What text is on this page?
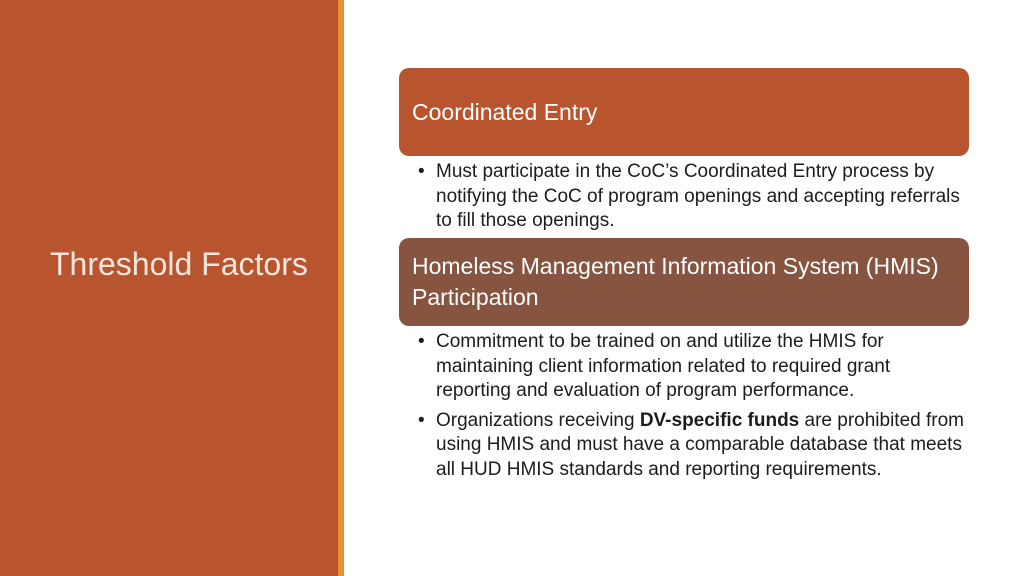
Threshold Factors
Coordinated Entry
• Must participate in the CoC’s Coordinated Entry process by notifying the CoC of program openings and accepting referrals to fill those openings.
Homeless Management Information System (HMIS) Participation
• Commitment to be trained on and utilize the HMIS for maintaining client information related to required grant reporting and evaluation of program performance.
• Organizations receiving DV-specific funds are prohibited from using HMIS and must have a comparable database that meets all HUD HMIS standards and reporting requirements.
